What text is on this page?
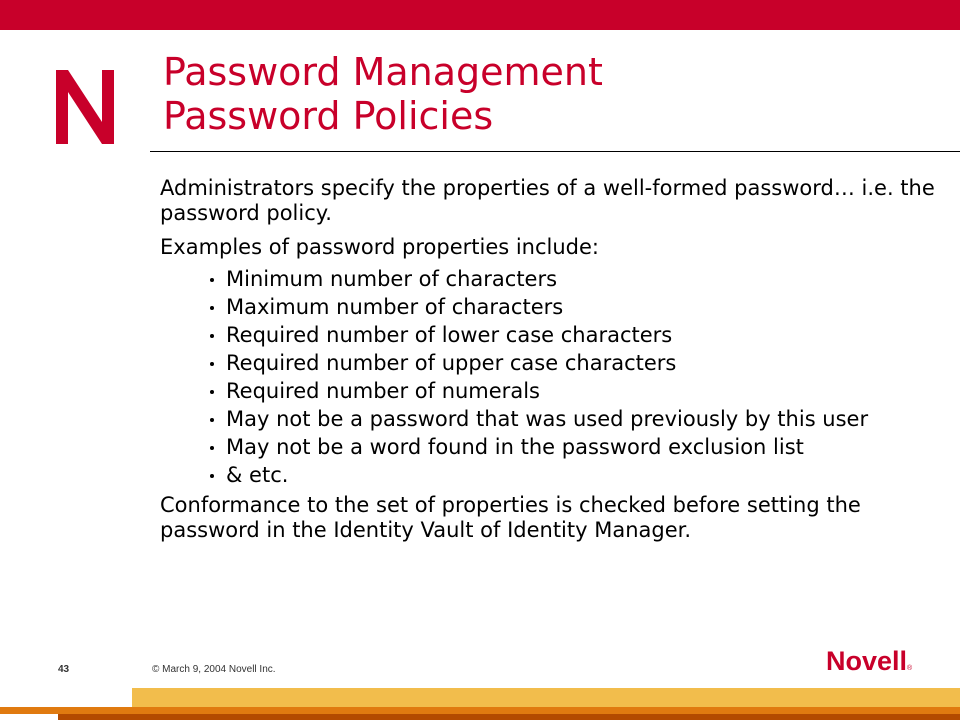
Password Management
Password Policies

Administrators specify the properties of a well-formed password… i.e. the password policy.

Examples of password properties include:

Minimum number of characters
Maximum number of characters
Required number of lower case characters
Required number of upper case characters
Required number of numerals
May not be a password that was used previously by this user
May not be a word found in the password exclusion list
& etc.

Conformance to the set of properties is checked before setting the password in the Identity Vault of Identity Manager.

43	© March 9, 2004 Novell Inc.	Novell®
